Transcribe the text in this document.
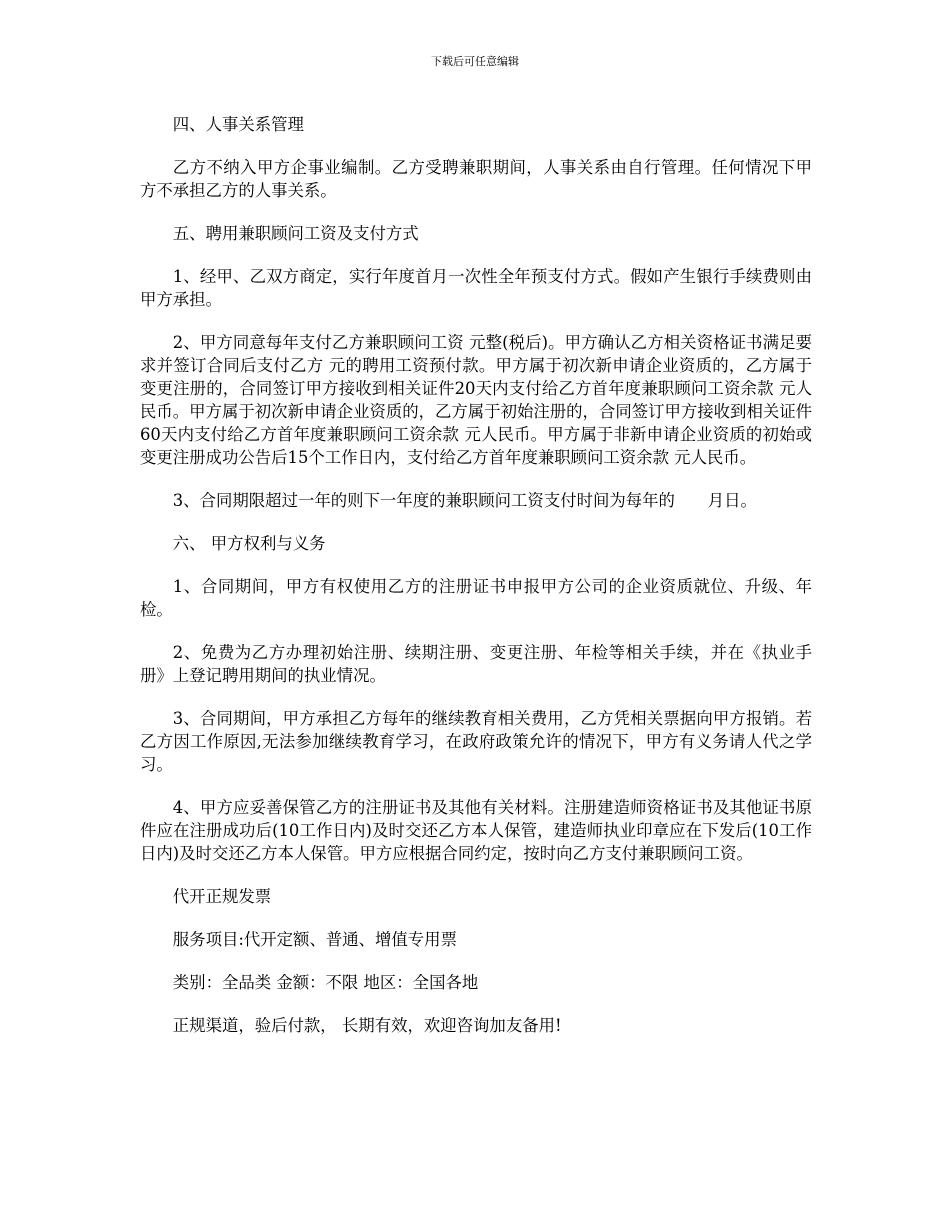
下载后可任意编辑

四、人事关系管理

乙方不纳入甲方企事业编制。乙方受聘兼职期间，人事关系由自行管理。任何情况下甲方不承担乙方的人事关系。

五、聘用兼职顾问工资及支付方式

1、经甲、乙双方商定，实行年度首月一次性全年预支付方式。假如产生银行手续费则由甲方承担。

2、甲方同意每年支付乙方兼职顾问工资 元整(税后)。甲方确认乙方相关资格证书满足要求并签订合同后支付乙方 元的聘用工资预付款。甲方属于初次新申请企业资质的，乙方属于变更注册的，合同签订甲方接收到相关证件20天内支付给乙方首年度兼职顾问工资余款 元人民币。甲方属于初次新申请企业资质的，乙方属于初始注册的，合同签订甲方接收到相关证件60天内支付给乙方首年度兼职顾问工资余款 元人民币。甲方属于非新申请企业资质的初始或变更注册成功公告后15个工作日内，支付给乙方首年度兼职顾问工资余款 元人民币。

3、合同期限超过一年的则下一年度的兼职顾问工资支付时间为每年的　　月日。

六、 甲方权利与义务

1、合同期间，甲方有权使用乙方的注册证书申报甲方公司的企业资质就位、升级、年检。

2、免费为乙方办理初始注册、续期注册、变更注册、年检等相关手续，并在《执业手册》上登记聘用期间的执业情况。

3、合同期间，甲方承担乙方每年的继续教育相关费用，乙方凭相关票据向甲方报销。若乙方因工作原因,无法参加继续教育学习，在政府政策允许的情况下，甲方有义务请人代之学习。

4、甲方应妥善保管乙方的注册证书及其他有关材料。注册建造师资格证书及其他证书原件应在注册成功后(10工作日内)及时交还乙方本人保管，建造师执业印章应在下发后(10工作日内)及时交还乙方本人保管。甲方应根据合同约定，按时向乙方支付兼职顾问工资。

代开正规发票

服务项目:代开定额、普通、增值专用票

类别：全品类 金额：不限 地区：全国各地

正规渠道，验后付款， 长期有效，欢迎咨询加友备用!
